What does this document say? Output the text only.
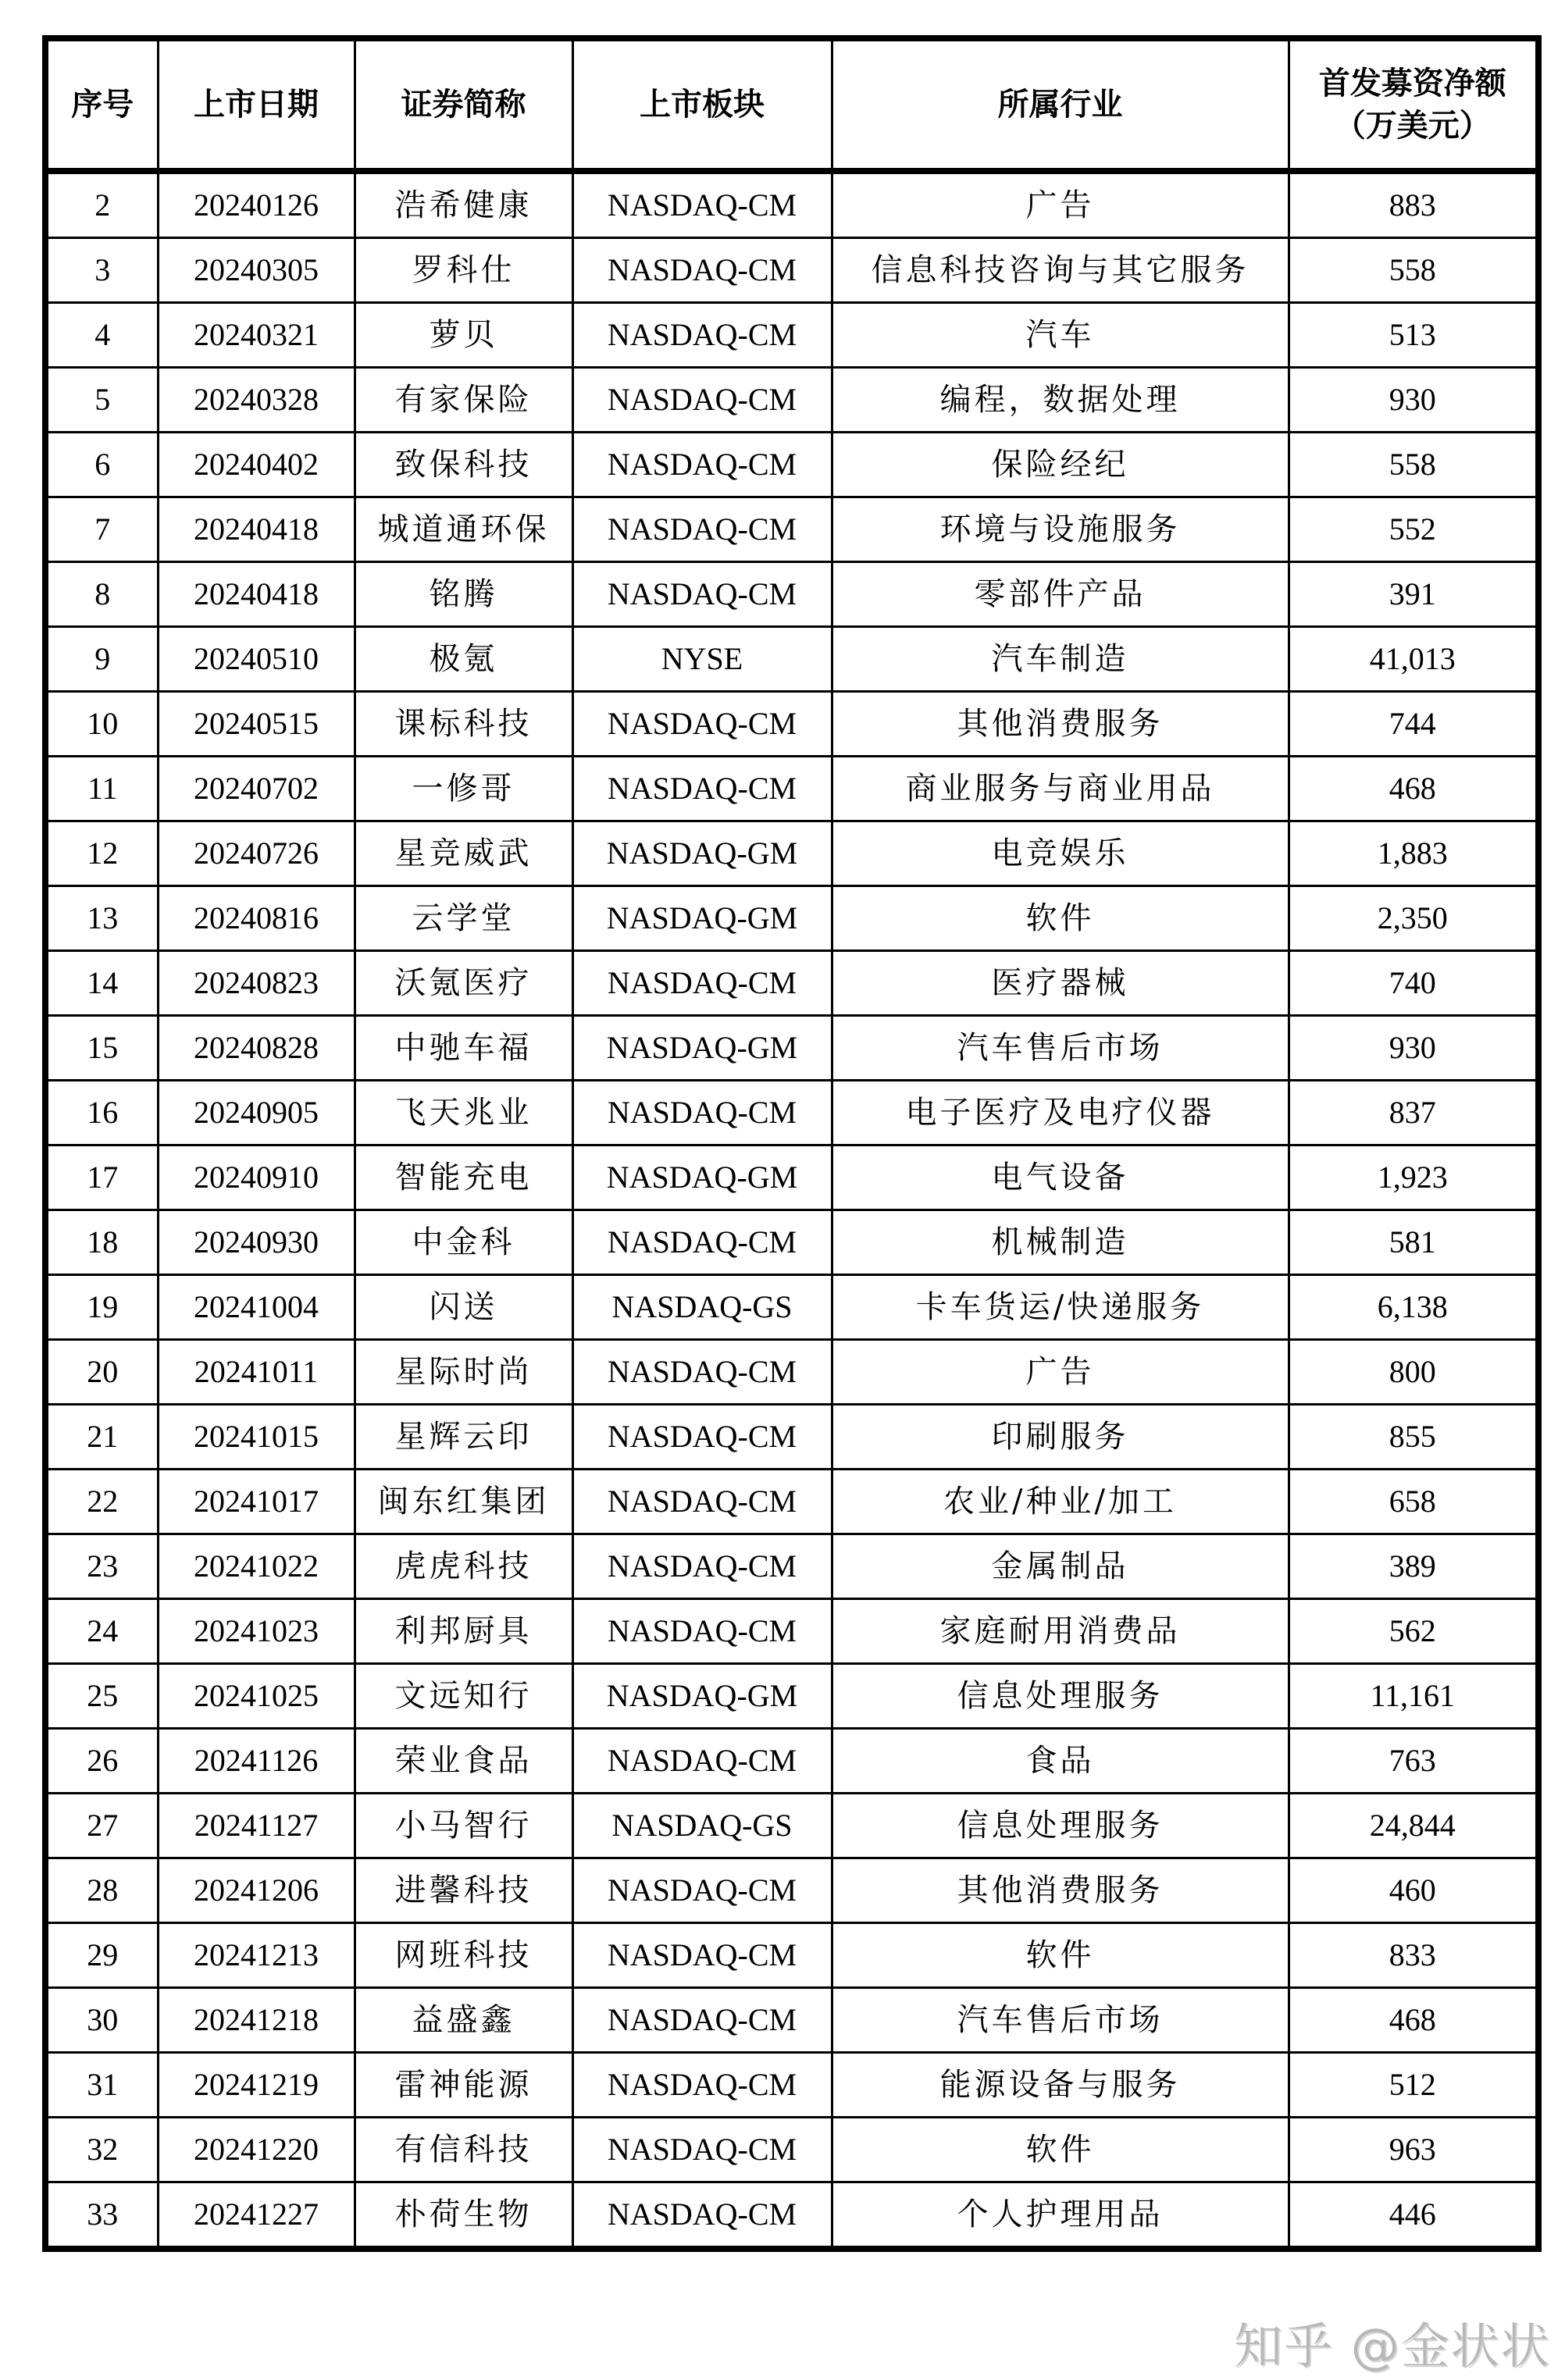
序号	上市日期	证券简称	上市板块	所属行业	首发募资净额
（万美元）

2	20240126	浩希健康	NASDAQ-CM	广告	883
3	20240305	罗科仕	NASDAQ-CM	信息科技咨询与其它服务	558
4	20240321	萝贝	NASDAQ-CM	汽车	513
5	20240328	有家保险	NASDAQ-CM	编程，数据处理	930
6	20240402	致保科技	NASDAQ-CM	保险经纪	558
7	20240418	城道通环保	NASDAQ-CM	环境与设施服务	552
8	20240418	铭腾	NASDAQ-CM	零部件产品	391
9	20240510	极氪	NYSE	汽车制造	41,013
10	20240515	课标科技	NASDAQ-CM	其他消费服务	744
11	20240702	一修哥	NASDAQ-CM	商业服务与商业用品	468
12	20240726	星竞威武	NASDAQ-GM	电竞娱乐	1,883
13	20240816	云学堂	NASDAQ-GM	软件	2,350
14	20240823	沃氪医疗	NASDAQ-CM	医疗器械	740
15	20240828	中驰车福	NASDAQ-GM	汽车售后市场	930
16	20240905	飞天兆业	NASDAQ-CM	电子医疗及电疗仪器	837
17	20240910	智能充电	NASDAQ-GM	电气设备	1,923
18	20240930	中金科	NASDAQ-CM	机械制造	581
19	20241004	闪送	NASDAQ-GS	卡车货运/快递服务	6,138
20	20241011	星际时尚	NASDAQ-CM	广告	800
21	20241015	星辉云印	NASDAQ-CM	印刷服务	855
22	20241017	闽东红集团	NASDAQ-CM	农业/种业/加工	658
23	20241022	虎虎科技	NASDAQ-CM	金属制品	389
24	20241023	利邦厨具	NASDAQ-CM	家庭耐用消费品	562
25	20241025	文远知行	NASDAQ-GM	信息处理服务	11,161
26	20241126	荣业食品	NASDAQ-CM	食品	763
27	20241127	小马智行	NASDAQ-GS	信息处理服务	24,844
28	20241206	进馨科技	NASDAQ-CM	其他消费服务	460
29	20241213	网班科技	NASDAQ-CM	软件	833
30	20241218	益盛鑫	NASDAQ-CM	汽车售后市场	468
31	20241219	雷神能源	NASDAQ-CM	能源设备与服务	512
32	20241220	有信科技	NASDAQ-CM	软件	963
33	20241227	朴荷生物	NASDAQ-CM	个人护理用品	446
知乎 @金状状
